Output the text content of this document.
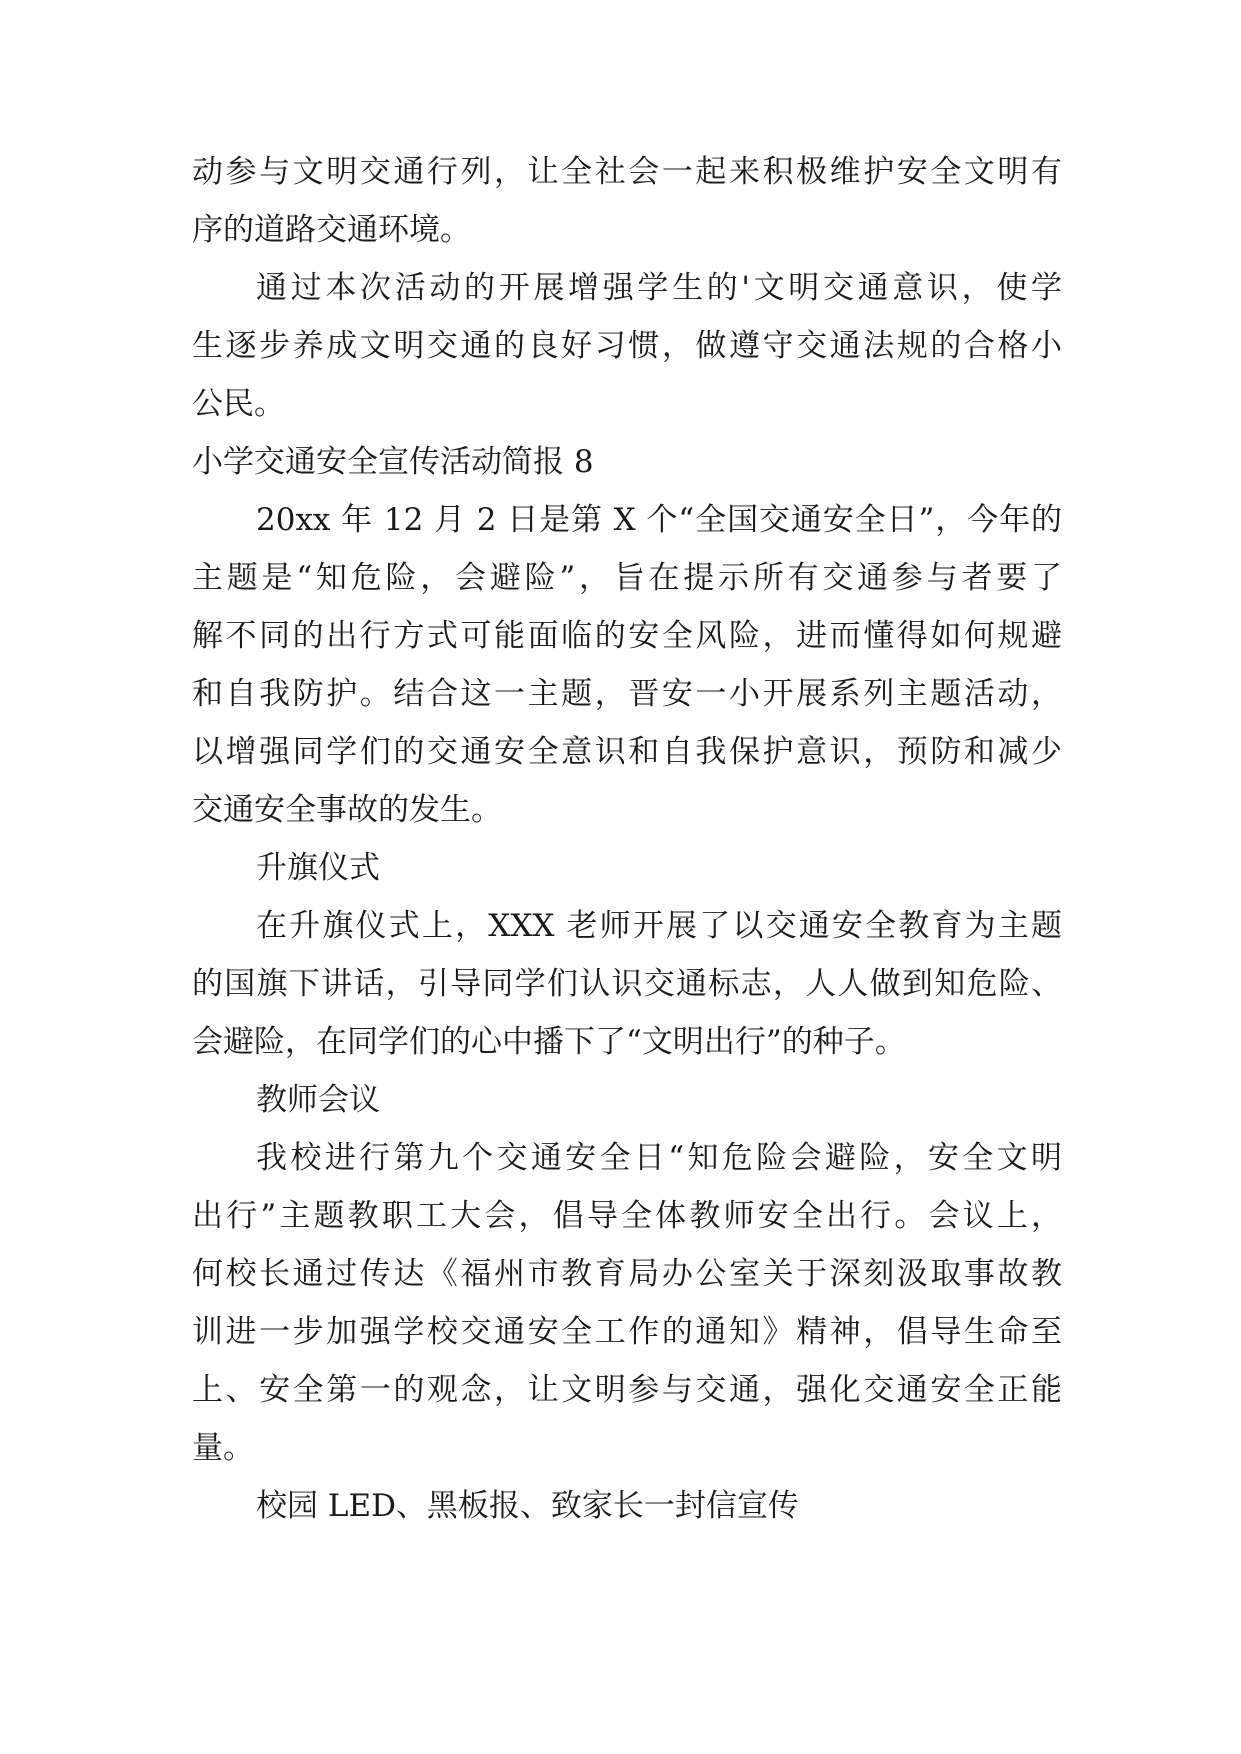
动参与文明交通行列，让全社会一起来积极维护安全文明有
序的道路交通环境。
通过本次活动的开展增强学生的'文明交通意识，使学
生逐步养成文明交通的良好习惯，做遵守交通法规的合格小
公民。
小学交通安全宣传活动简报 8
20xx 年 12 月 2 日是第 X 个“全国交通安全日”，今年的
主题是“知危险，会避险”，旨在提示所有交通参与者要了
解不同的出行方式可能面临的安全风险，进而懂得如何规避
和自我防护。结合这一主题，晋安一小开展系列主题活动，
以增强同学们的交通安全意识和自我保护意识，预防和减少
交通安全事故的发生。
升旗仪式
在升旗仪式上，XXX 老师开展了以交通安全教育为主题
的国旗下讲话，引导同学们认识交通标志，人人做到知危险、
会避险，在同学们的心中播下了“文明出行”的种子。
教师会议
我校进行第九个交通安全日“知危险会避险，安全文明
出行”主题教职工大会，倡导全体教师安全出行。会议上，
何校长通过传达《福州市教育局办公室关于深刻汲取事故教
训进一步加强学校交通安全工作的通知》精神，倡导生命至
上、安全第一的观念，让文明参与交通，强化交通安全正能
量。
校园 LED、黑板报、致家长一封信宣传
